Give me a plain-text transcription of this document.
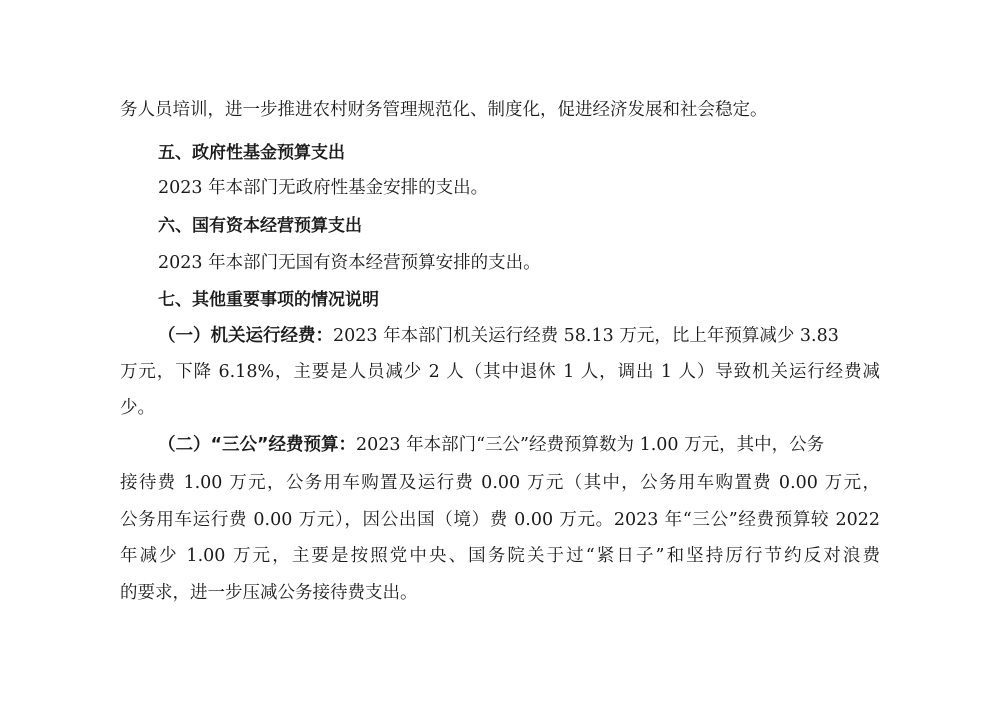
务人员培训，进一步推进农村财务管理规范化、制度化，促进经济发展和社会稳定。
五、政府性基金预算支出
2023 年本部门无政府性基金安排的支出。
六、国有资本经营预算支出
2023 年本部门无国有资本经营预算安排的支出。
七、其他重要事项的情况说明
（一）机关运行经费：2023 年本部门机关运行经费 58.13 万元，比上年预算减少 3.83
万元，下降 6.18%，主要是人员减少 2 人（其中退休 1 人，调出 1 人）导致机关运行经费减
少。
（二）“三公”经费预算：2023 年本部门“三公”经费预算数为 1.00 万元，其中，公务
接待费 1.00 万元，公务用车购置及运行费 0.00 万元（其中，公务用车购置费 0.00 万元，
公务用车运行费 0.00 万元），因公出国（境）费 0.00 万元。2023 年“三公”经费预算较 2022
年减少 1.00 万元，主要是按照党中央、国务院关于过“紧日子”和坚持厉行节约反对浪费
的要求，进一步压减公务接待费支出。
